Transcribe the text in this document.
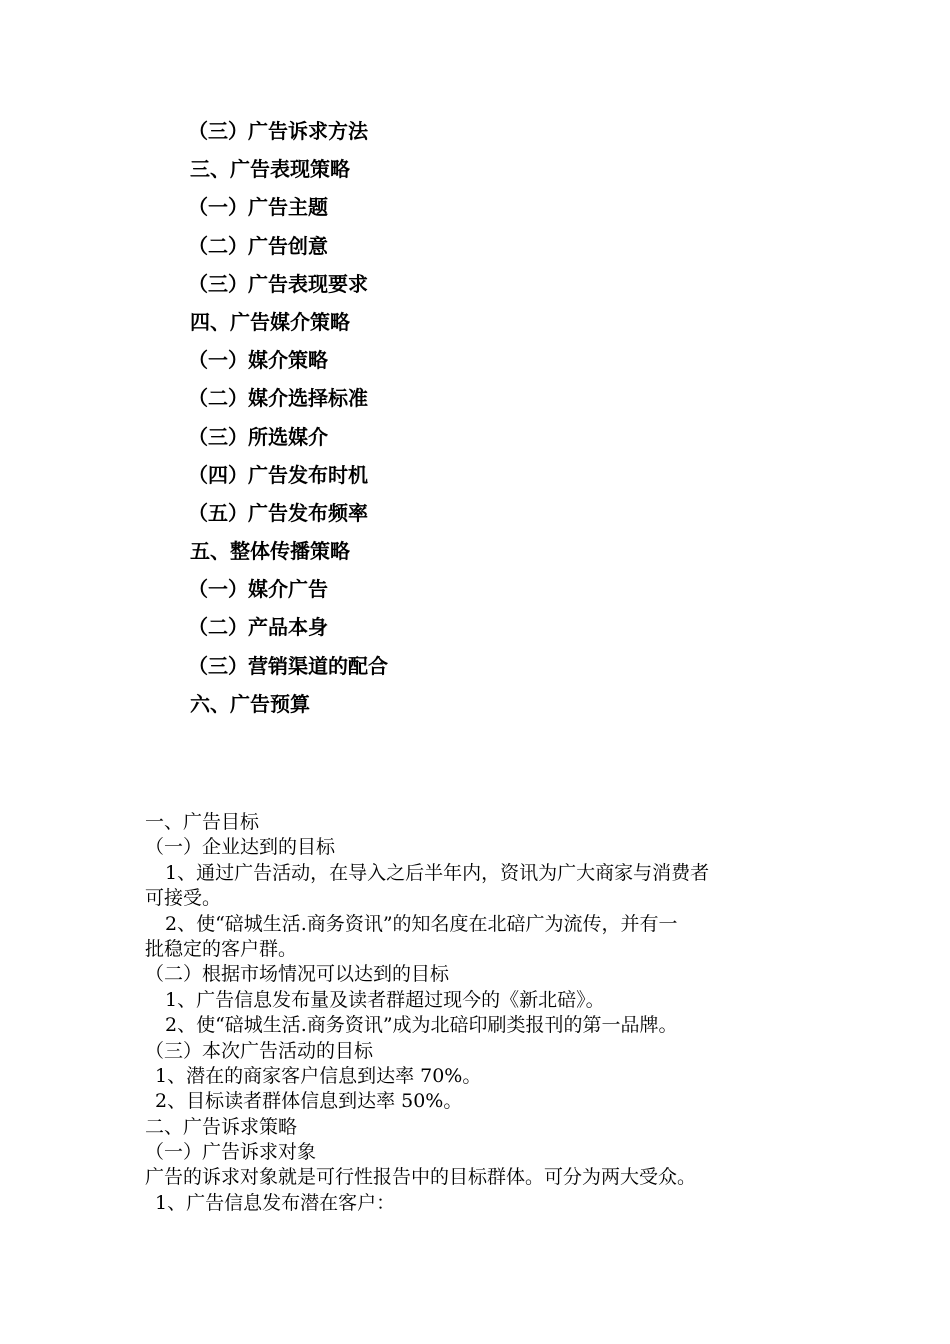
（三）广告诉求方法
三、广告表现策略
（一）广告主题
（二）广告创意
（三）广告表现要求
四、广告媒介策略
（一）媒介策略
（二）媒介选择标准
（三）所选媒介
（四）广告发布时机
（五）广告发布频率
五、整体传播策略
（一）媒介广告
（二）产品本身
（三）营销渠道的配合
六、广告预算
一、广告目标
（一）企业达到的目标
1、通过广告活动，在导入之后半年内，资讯为广大商家与消费者
可接受。
2、使“碚城生活.商务资讯”的知名度在北碚广为流传，并有一
批稳定的客户群。
（二）根据市场情况可以达到的目标
1、广告信息发布量及读者群超过现今的《新北碚》。
2、使“碚城生活.商务资讯”成为北碚印刷类报刊的第一品牌。
（三）本次广告活动的目标
1、潜在的商家客户信息到达率 70%。
2、目标读者群体信息到达率 50%。
二、广告诉求策略
（一）广告诉求对象
广告的诉求对象就是可行性报告中的目标群体。可分为两大受众。
1、广告信息发布潜在客户：
